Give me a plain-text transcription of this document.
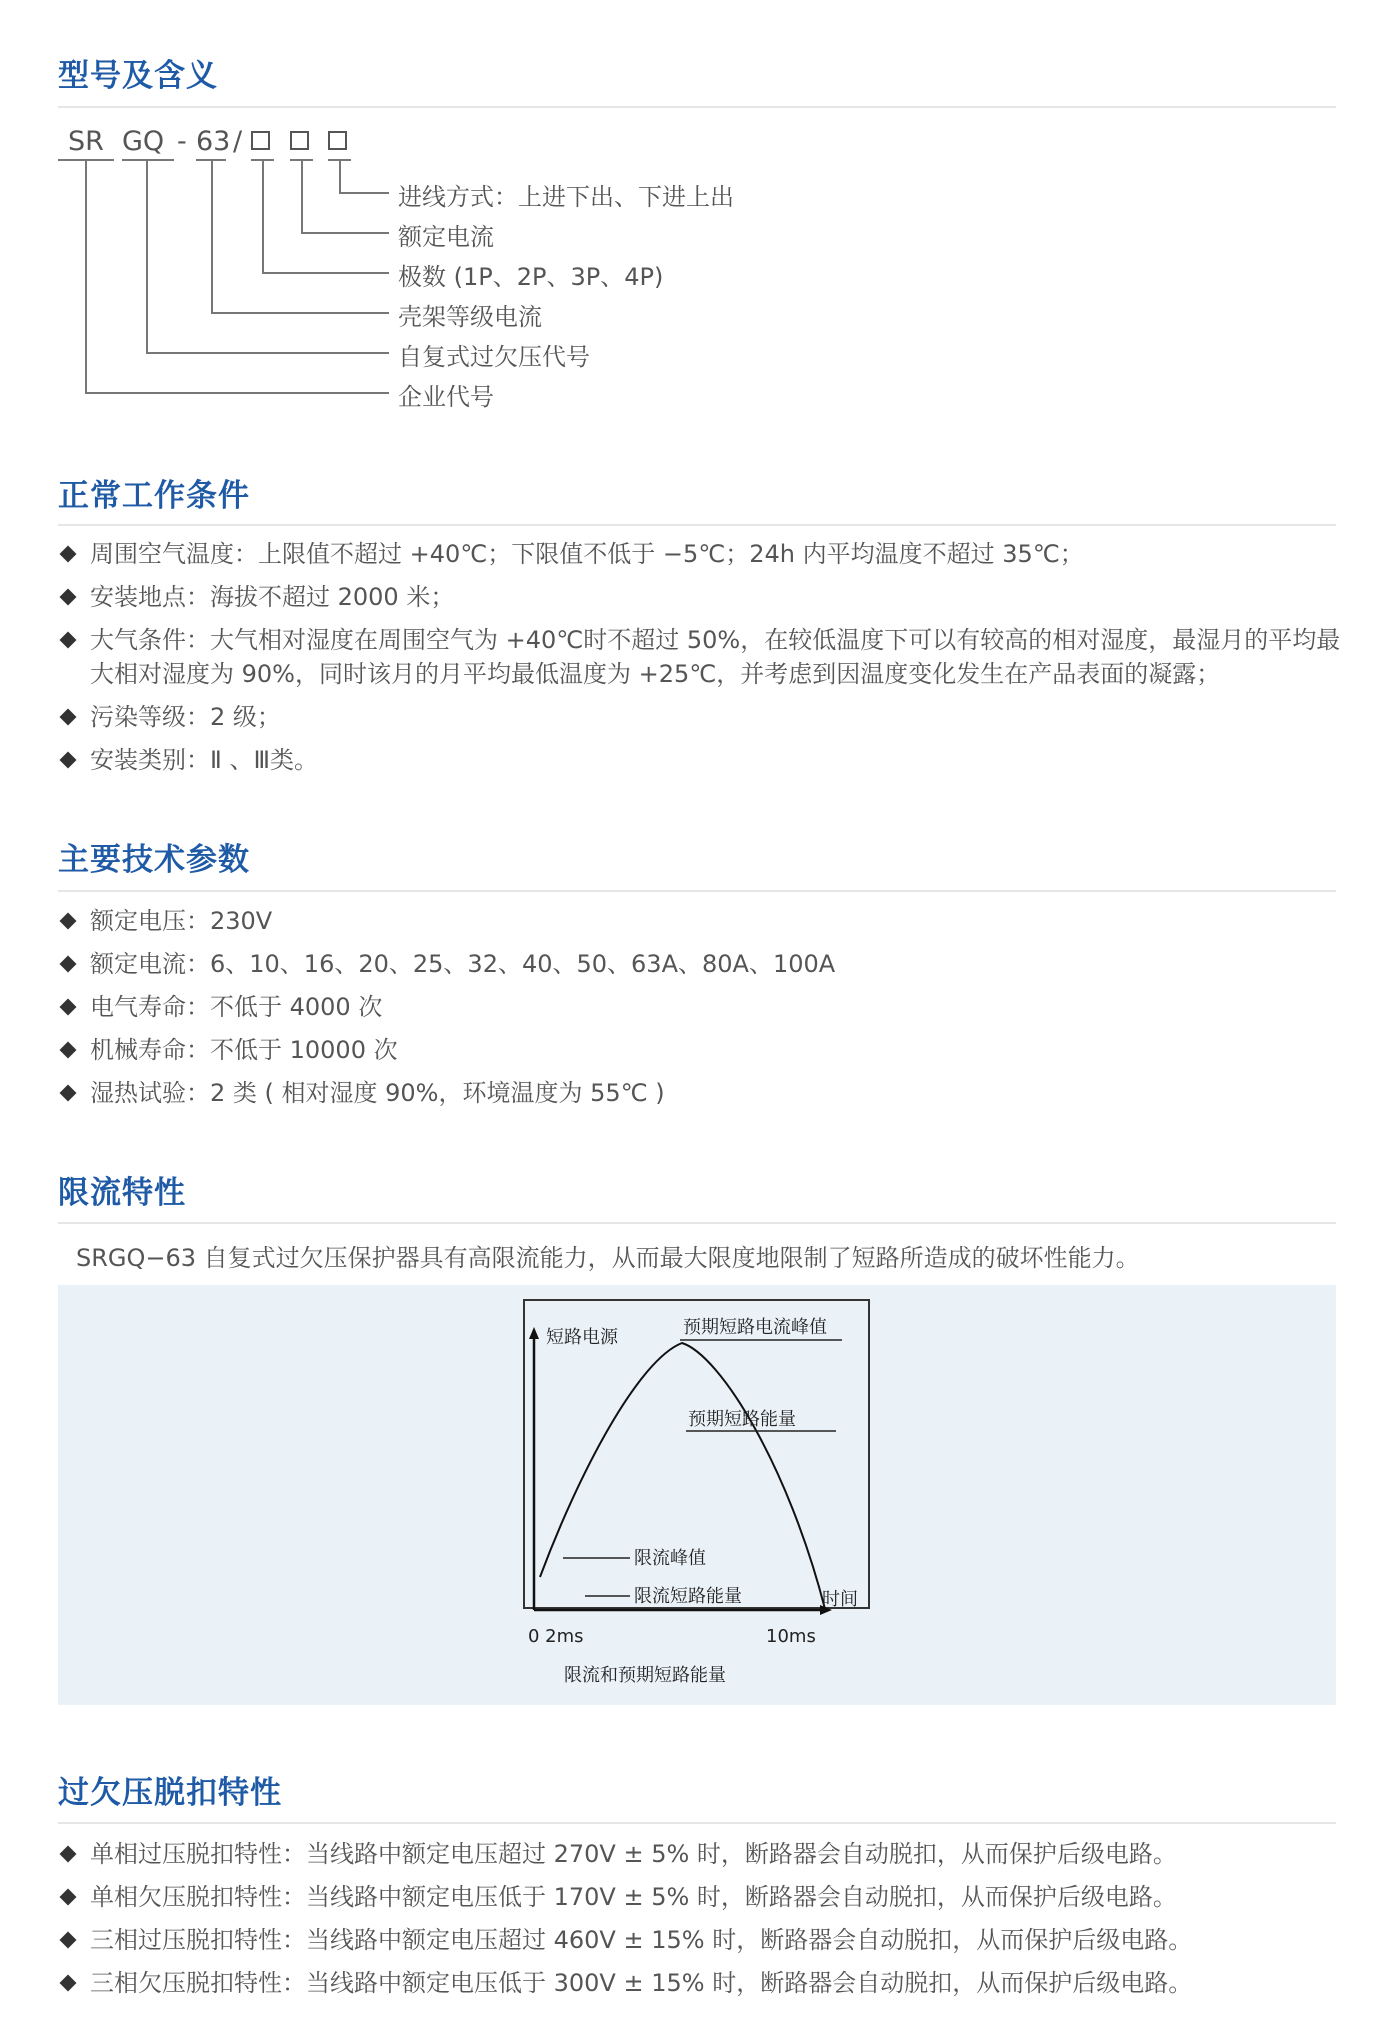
型号及含义
SR GQ - 63 /
进线方式：上进下出、下进上出
额定电流
极数 (1P、2P、3P、4P)
壳架等级电流
自复式过欠压代号
企业代号
正常工作条件
周围空气温度：上限值不超过 +40℃；下限值不低于 −5℃；24h 内平均温度不超过 35℃；
安装地点：海拔不超过 2000 米；
大气条件：大气相对湿度在周围空气为 +40℃时不超过 50%，在较低温度下可以有较高的相对湿度，最湿月的平均最大相对湿度为 90%，同时该月的月平均最低温度为 +25℃，并考虑到因温度变化发生在产品表面的凝露；
污染等级：2 级；
安装类别：Ⅱ 、Ⅲ类。
主要技术参数
额定电压：230V
额定电流：6、10、16、20、25、32、40、50、63A、80A、100A
电气寿命：不低于 4000 次
机械寿命：不低于 10000 次
湿热试验：2 类 ( 相对湿度 90%，环境温度为 55℃ )
限流特性
SRGQ−63 自复式过欠压保护器具有高限流能力，从而最大限度地限制了短路所造成的破坏性能力。
短路电源	预期短路电流峰值
预期短路能量
限流峰值
限流短路能量	时间
0 2ms	10ms
限流和预期短路能量
过欠压脱扣特性
单相过压脱扣特性：当线路中额定电压超过 270V ± 5% 时，断路器会自动脱扣，从而保护后级电路。
单相欠压脱扣特性：当线路中额定电压低于 170V ± 5% 时，断路器会自动脱扣，从而保护后级电路。
三相过压脱扣特性：当线路中额定电压超过 460V ± 15% 时，断路器会自动脱扣，从而保护后级电路。
三相欠压脱扣特性：当线路中额定电压低于 300V ± 15% 时，断路器会自动脱扣，从而保护后级电路。
